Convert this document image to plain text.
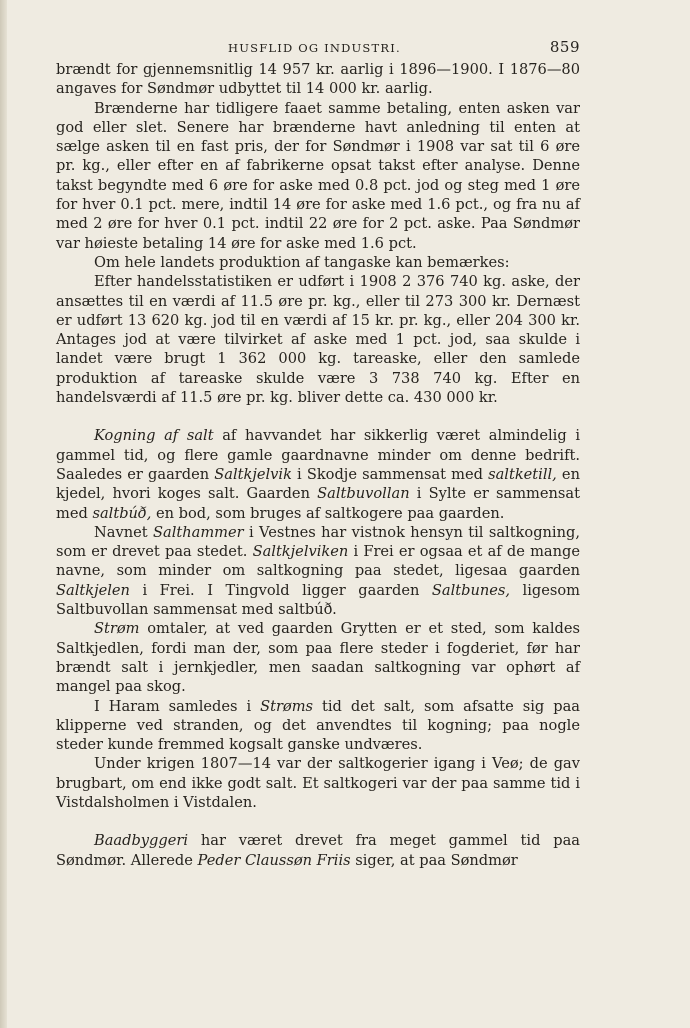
HUSFLID OG INDUSTRI.	859

brændt for gjennemsnitlig 14 957 kr. aarlig i 1896—1900. I 1876—80 angaves for Søndmør udbyttet til 14 000 kr. aarlig.

Brænderne har tidligere faaet samme betaling, enten asken var god eller slet. Senere har brænderne havt anledning til enten at sælge asken til en fast pris, der for Søndmør i 1908 var sat til 6 øre pr. kg., eller efter en af fabrikerne opsat takst efter analyse. Denne takst begyndte med 6 øre for aske med 0.8 pct. jod og steg med 1 øre for hver 0.1 pct. mere, indtil 14 øre for aske med 1.6 pct., og fra nu af med 2 øre for hver 0.1 pct. indtil 22 øre for 2 pct. aske. Paa Søndmør var høieste betaling 14 øre for aske med 1.6 pct.

Om hele landets produktion af tangaske kan bemærkes:

Efter handelsstatistiken er udført i 1908 2 376 740 kg. aske, der ansættes til en værdi af 11.5 øre pr. kg., eller til 273 300 kr. Dernæst er udført 13 620 kg. jod til en værdi af 15 kr. pr. kg., eller 204 300 kr. Antages jod at være tilvirket af aske med 1 pct. jod, saa skulde i landet være brugt 1 362 000 kg. tareaske, eller den samlede produktion af tareaske skulde være 3 738 740 kg. Efter en handelsværdi af 11.5 øre pr. kg. bliver dette ca. 430 000 kr.

Kogning af salt af havvandet har sikkerlig været almindelig i gammel tid, og flere gamle gaardnavne minder om denne bedrift. Saaledes er gaarden Saltkjelvik i Skodje sammensat med saltketill, en kjedel, hvori koges salt. Gaarden Saltbuvollan i Sylte er sammensat med saltbúð, en bod, som bruges af saltkogere paa gaarden.

Navnet Salthammer i Vestnes har vistnok hensyn til saltkogning, som er drevet paa stedet. Saltkjelviken i Frei er ogsaa et af de mange navne, som minder om saltkogning paa stedet, ligesaa gaarden Saltkjelen i Frei. I Tingvold ligger gaarden Saltbunes, ligesom Saltbuvollan sammensat med saltbúð.

Strøm omtaler, at ved gaarden Grytten er et sted, som kaldes Saltkjedlen, fordi man der, som paa flere steder i fogderiet, før har brændt salt i jernkjedler, men saadan saltkogning var ophørt af mangel paa skog.

I Haram samledes i Strøms tid det salt, som afsatte sig paa klipperne ved stranden, og det anvendtes til kogning; paa nogle steder kunde fremmed kogsalt ganske undværes.

Under krigen 1807—14 var der saltkogerier igang i Veø; de gav brugbart, om end ikke godt salt. Et saltkogeri var der paa samme tid i Vistdalsholmen i Vistdalen.

Baadbyggeri har været drevet fra meget gammel tid paa Søndmør. Allerede Peder Claussøn Friis siger, at paa Søndmør
